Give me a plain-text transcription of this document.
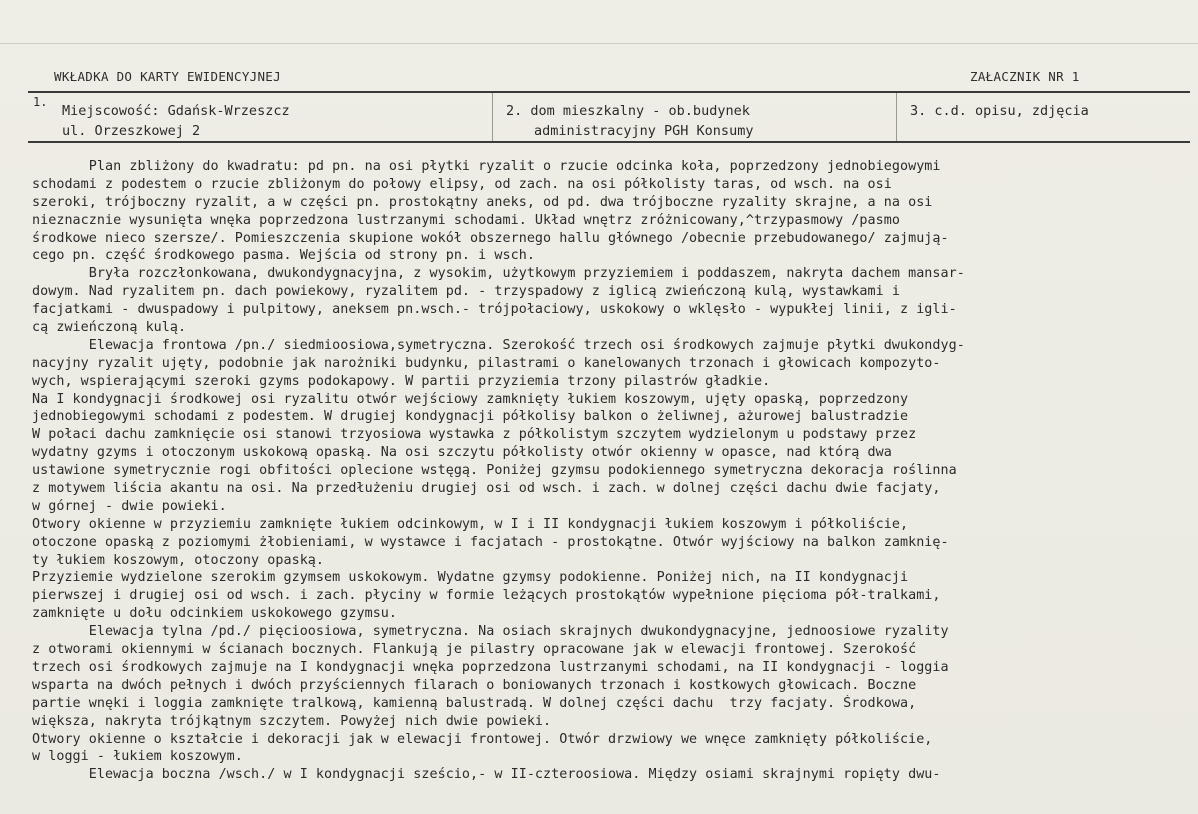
WKŁADKA DO KARTY EWIDENCYJNEJ	ZAŁACZNIK NR 1
1.
Miejscowość: Gdańsk-Wrzeszcz
ul. Orzeszkowej 2
2. dom mieszkalny - ob.budynek
administracyjny PGH Konsumy
3. c.d. opisu, zdjęcia
Plan zbliżony do kwadratu: pd pn. na osi płytki ryzalit o rzucie odcinka koła, poprzedzony jednobiegowymi
schodami z podestem o rzucie zbliżonym do połowy elipsy, od zach. na osi półkolisty taras, od wsch. na osi
szeroki, trójboczny ryzalit, a w części pn. prostokątny aneks, od pd. dwa trójboczne ryzality skrajne, a na osi
nieznacznie wysunięta wnęka poprzedzona lustrzanymi schodami. Układ wnętrz zróżnicowany,^trzypasmowy /pasmo
środkowe nieco szersze/. Pomieszczenia skupione wokół obszernego hallu głównego /obecnie przebudowanego/ zajmują-
cego pn. część środkowego pasma. Wejścia od strony pn. i wsch.
Bryła rozczłonkowana, dwukondygnacyjna, z wysokim, użytkowym przyziemiem i poddaszem, nakryta dachem mansar-
dowym. Nad ryzalitem pn. dach powiekowy, ryzalitem pd. - trzyspadowy z iglicą zwieńczoną kulą, wystawkami i
facjatkami - dwuspadowy i pulpitowy, aneksem pn.wsch.- trójpołaciowy, uskokowy o wklęsło - wypukłej linii, z igli-
cą zwieńczoną kulą.
Elewacja frontowa /pn./ siedmioosiowa,symetryczna. Szerokość trzech osi środkowych zajmuje płytki dwukondyg-
nacyjny ryzalit ujęty, podobnie jak narożniki budynku, pilastrami o kanelowanych trzonach i głowicach kompozyto-
wych, wspierającymi szeroki gzyms podokapowy. W partii przyziemia trzony pilastrów gładkie.
Na I kondygnacji środkowej osi ryzalitu otwór wejściowy zamknięty łukiem koszowym, ujęty opaską, poprzedzony
jednobiegowymi schodami z podestem. W drugiej kondygnacji półkolisy balkon o żeliwnej, ażurowej balustradzie
W połaci dachu zamknięcie osi stanowi trzyosiowa wystawka z półkolistym szczytem wydzielonym u podstawy przez
wydatny gzyms i otoczonym uskokową opaską. Na osi szczytu półkolisty otwór okienny w opasce, nad którą dwa
ustawione symetrycznie rogi obfitości oplecione wstęgą. Poniżej gzymsu podokiennego symetryczna dekoracja roślinna
z motywem liścia akantu na osi. Na przedłużeniu drugiej osi od wsch. i zach. w dolnej części dachu dwie facjaty,
w górnej - dwie powieki.
Otwory okienne w przyziemiu zamknięte łukiem odcinkowym, w I i II kondygnacji łukiem koszowym i półkoliście,
otoczone opaską z poziomymi żłobieniami, w wystawce i facjatach - prostokątne. Otwór wyjściowy na balkon zamknię-
ty łukiem koszowym, otoczony opaską.
Przyziemie wydzielone szerokim gzymsem uskokowym. Wydatne gzymsy podokienne. Poniżej nich, na II kondygnacji
pierwszej i drugiej osi od wsch. i zach. płyciny w formie leżących prostokątów wypełnione pięcioma pół-tralkami,
zamknięte u dołu odcinkiem uskokowego gzymsu.
Elewacja tylna /pd./ pięcioosiowa, symetryczna. Na osiach skrajnych dwukondygnacyjne, jednoosiowe ryzality
z otworami okiennymi w ścianach bocznych. Flankują je pilastry opracowane jak w elewacji frontowej. Szerokość
trzech osi środkowych zajmuje na I kondygnacji wnęka poprzedzona lustrzanymi schodami, na II kondygnacji - loggia
wsparta na dwóch pełnych i dwóch przyściennych filarach o boniowanych trzonach i kostkowych głowicach. Boczne
partie wnęki i loggia zamknięte tralkową, kamienną balustradą. W dolnej części dachu  trzy facjaty. Środkowa,
większa, nakryta trójkątnym szczytem. Powyżej nich dwie powieki.
Otwory okienne o kształcie i dekoracji jak w elewacji frontowej. Otwór drzwiowy we wnęce zamknięty półkoliście,
w loggi - łukiem koszowym.
Elewacja boczna /wsch./ w I kondygnacji sześcio,- w II-czteroosiowa. Między osiami skrajnymi ropięty dwu-
